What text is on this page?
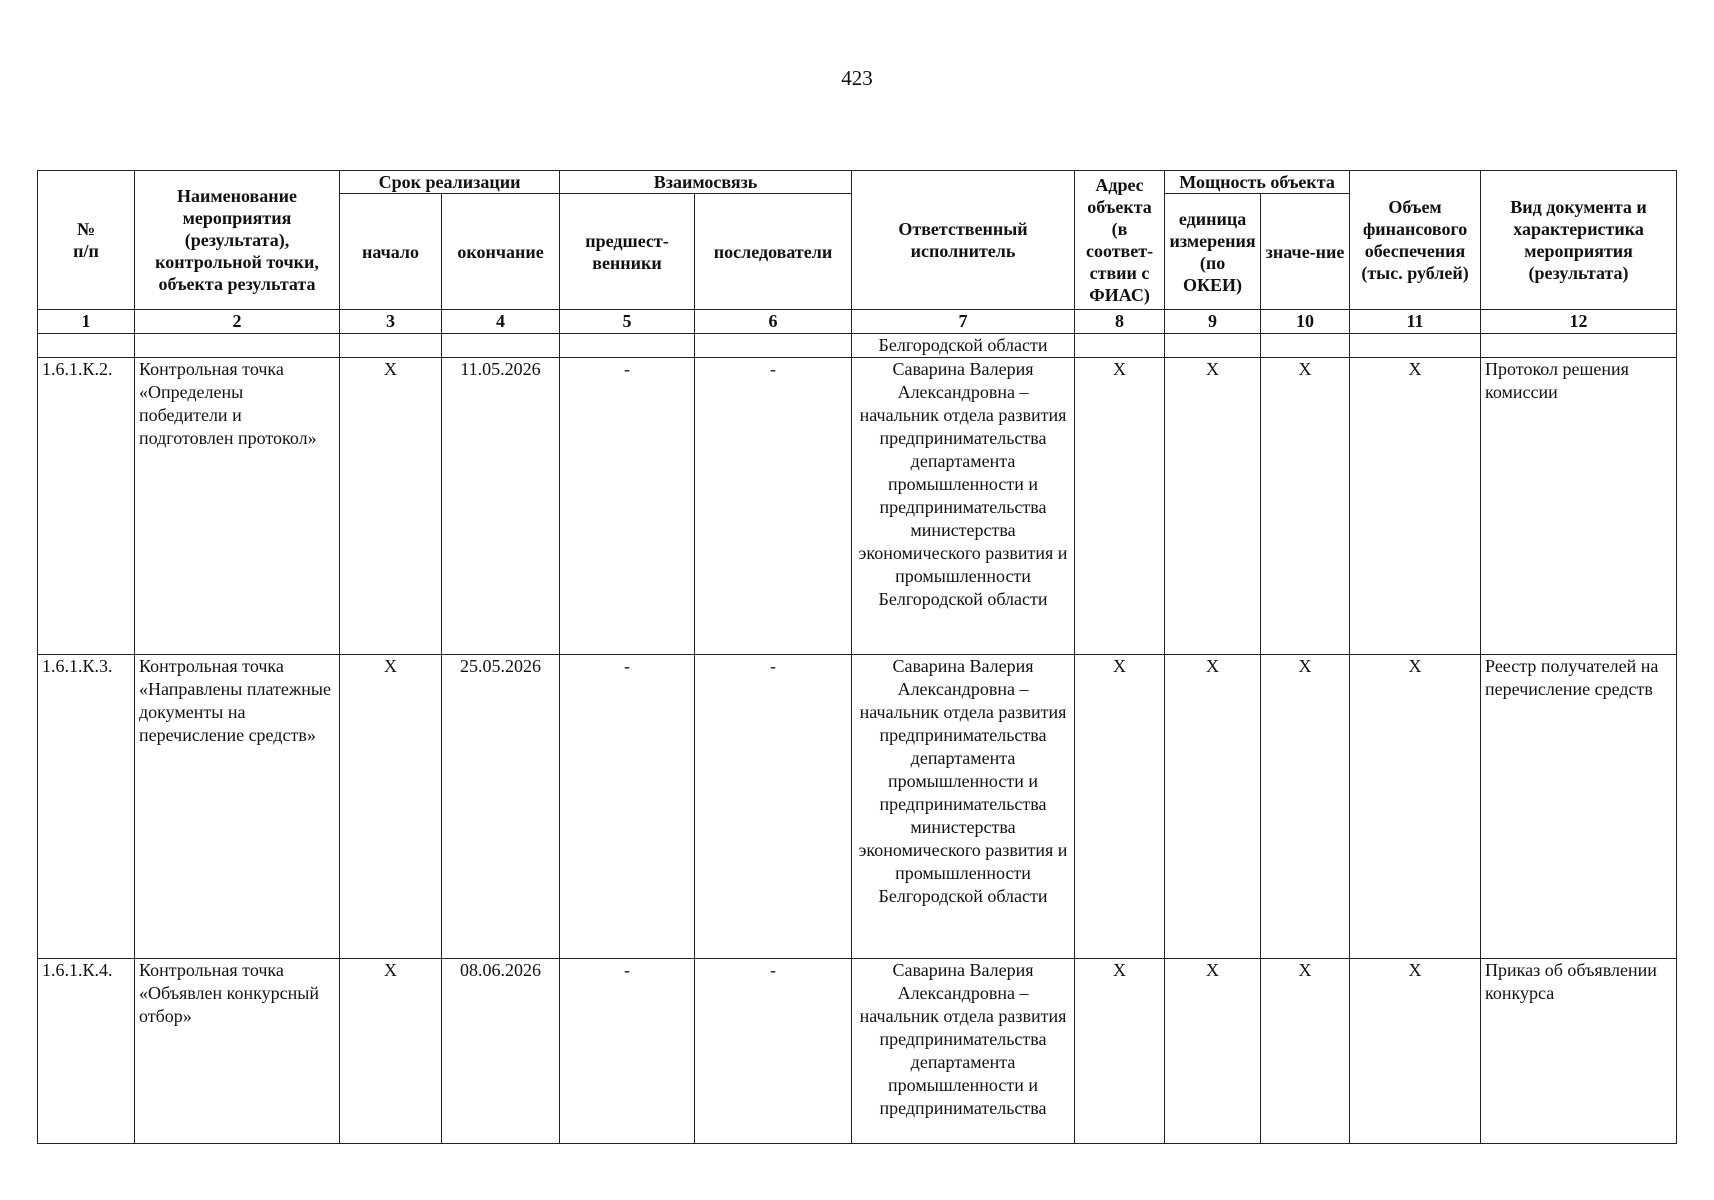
423
№
п/п	Наименование мероприятия (результата), контрольной точки, объекта результата	Срок реализации		Взаимосвязь		Ответственный исполнитель	Адрес объекта (в соответ-ствии с ФИАС)	Мощность объекта		Объем финансового обеспечения (тыс. рублей)	Вид документа и характеристика мероприятия (результата)
		начало	окончание	предшест-венники	последователи			единица измерения (по ОКЕИ)	значе-ние		
1	2	3	4	5	6	7	8	9	10	11	12
						Белгородской области					
1.6.1.К.2.	Контрольная точка «Определены победители и подготовлен протокол»	Х	11.05.2026	-	-	Саварина Валерия Александровна – начальник отдела развития предпринимательства департамента промышленности и предпринимательства министерства экономического развития и промышленности Белгородской области	Х	Х	Х	Х	Протокол решения комиссии
1.6.1.К.3.	Контрольная точка «Направлены платежные документы на перечисление средств»	Х	25.05.2026	-	-	Саварина Валерия Александровна – начальник отдела развития предпринимательства департамента промышленности и предпринимательства министерства экономического развития и промышленности Белгородской области	Х	Х	Х	Х	Реестр получателей на перечисление средств
1.6.1.К.4.	Контрольная точка «Объявлен конкурсный отбор»	Х	08.06.2026	-	-	Саварина Валерия Александровна – начальник отдела развития предпринимательства департамента промышленности и предпринимательства	Х	Х	Х	Х	Приказ об объявлении конкурса
